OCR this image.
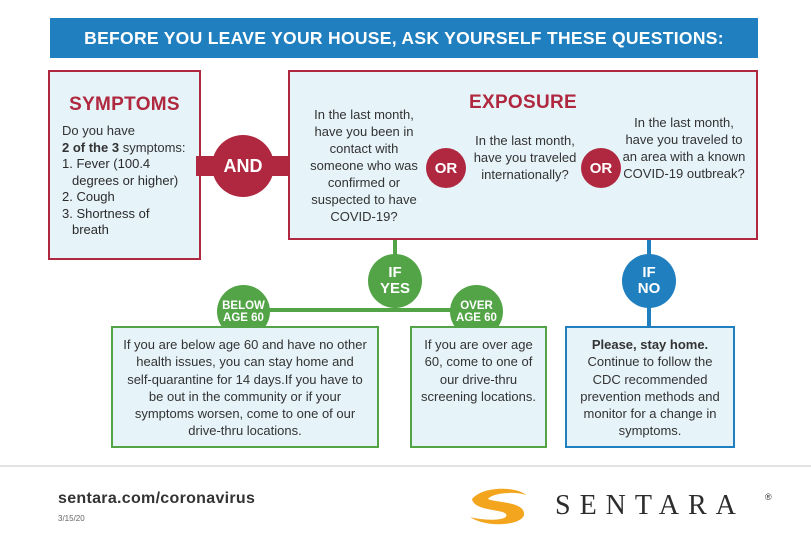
BEFORE YOU LEAVE YOUR HOUSE, ASK YOURSELF THESE QUESTIONS:
SYMPTOMS
Do you have
2 of the 3 symptoms:
1. Fever (100.4 degrees or higher)
2. Cough
3. Shortness of breath
AND
EXPOSURE
In the last month, have you been in contact with someone who was confirmed or suspected to have COVID-19?
In the last month, have you traveled internationally?
In the last month, have you traveled to an area with a known COVID-19 outbreak?
OR	OR
IF
YES
IF
NO
BELOW
AGE 60
OVER
AGE 60
If you are below age 60 and have no other health issues, you can stay home and self-quarantine for 14 days.If you have to be out in the community or if your symptoms worsen, come to one of our drive-thru locations.
If you are over age 60, come to one of our drive-thru screening locations.
Please, stay home.
Continue to follow the CDC recommended prevention methods and monitor for a change in symptoms.
sentara.com/coronavirus
3/15/20	SENTARA ®
